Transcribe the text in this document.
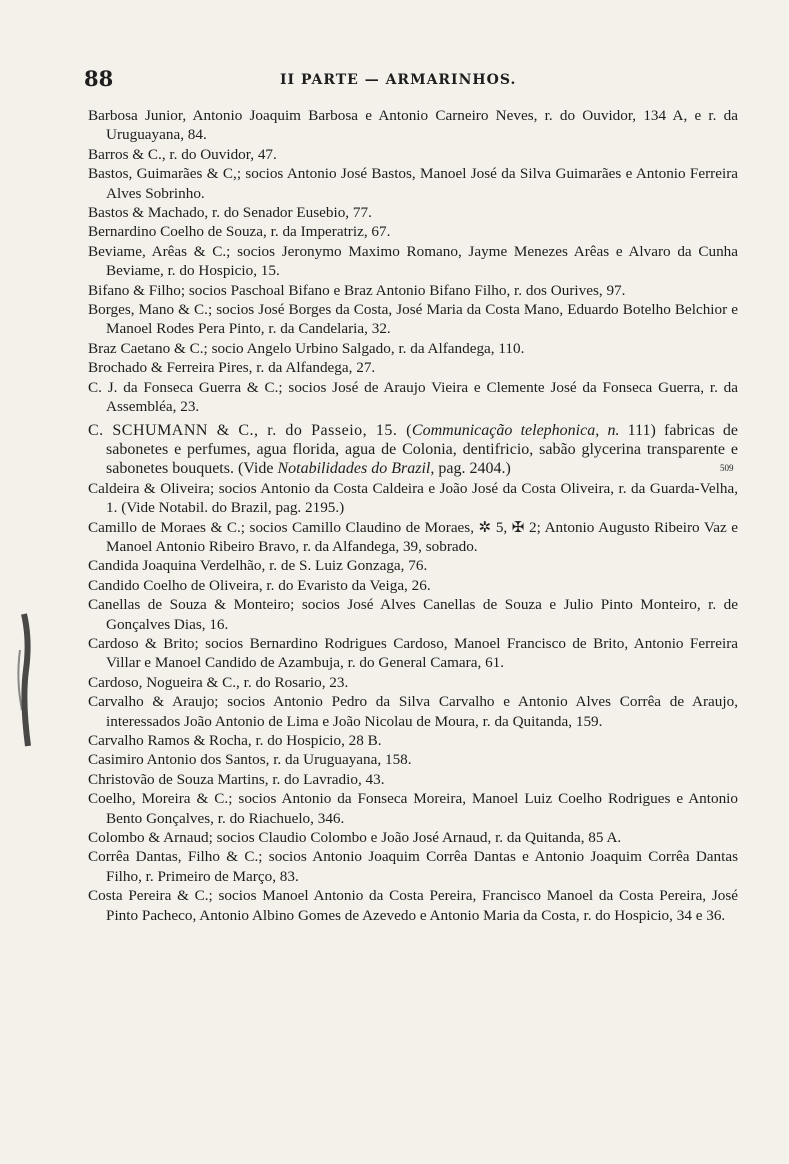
88	II PARTE — ARMARINHOS.

Barbosa Junior, Antonio Joaquim Barbosa e Antonio Carneiro Neves, r. do Ouvidor, 134 A, e r. da Uruguayana, 84.

Barros & C., r. do Ouvidor, 47.

Bastos, Guimarães & C,; socios Antonio José Bastos, Manoel José da Silva Guimarães e Antonio Ferreira Alves Sobrinho.

Bastos & Machado, r. do Senador Eusebio, 77.

Bernardino Coelho de Souza, r. da Imperatriz, 67.

Beviame, Arêas & C.; socios Jeronymo Maximo Romano, Jayme Menezes Arêas e Alvaro da Cunha Beviame, r. do Hospicio, 15.

Bifano & Filho; socios Paschoal Bifano e Braz Antonio Bifano Filho, r. dos Ourives, 97.

Borges, Mano & C.; socios José Borges da Costa, José Maria da Costa Mano, Eduardo Botelho Belchior e Manoel Rodes Pera Pinto, r. da Candelaria, 32.

Braz Caetano & C.; socio Angelo Urbino Salgado, r. da Alfandega, 110.

Brochado & Ferreira Pires, r. da Alfandega, 27.

C. J. da Fonseca Guerra & C.; socios José de Araujo Vieira e Clemente José da Fonseca Guerra, r. da Assembléa, 23.

C. SCHUMANN & C., r. do Passeio, 15. (Communicação telephonica, n. 111) fabricas de sabonetes e perfumes, agua florida, agua de Colonia, dentifricio, sabão glycerina transparente e sabonetes bouquets. (Vide Notabilidades do Brazil, pag. 2404.)	509

Caldeira & Oliveira; socios Antonio da Costa Caldeira e João José da Costa Oliveira, r. da Guarda-Velha, 1. (Vide Notabil. do Brazil, pag. 2195.)

Camillo de Moraes & C.; socios Camillo Claudino de Moraes, ✲ 5, ✠ 2; Antonio Augusto Ribeiro Vaz e Manoel Antonio Ribeiro Bravo, r. da Alfandega, 39, sobrado.

Candida Joaquina Verdelhão, r. de S. Luiz Gonzaga, 76.

Candido Coelho de Oliveira, r. do Evaristo da Veiga, 26.

Canellas de Souza & Monteiro; socios José Alves Canellas de Souza e Julio Pinto Monteiro, r. de Gonçalves Dias, 16.

Cardoso & Brito; socios Bernardino Rodrigues Cardoso, Manoel Francisco de Brito, Antonio Ferreira Villar e Manoel Candido de Azambuja, r. do General Camara, 61.

Cardoso, Nogueira & C., r. do Rosario, 23.

Carvalho & Araujo; socios Antonio Pedro da Silva Carvalho e Antonio Alves Corrêa de Araujo, interessados João Antonio de Lima e João Nicolau de Moura, r. da Quitanda, 159.

Carvalho Ramos & Rocha, r. do Hospicio, 28 B.

Casimiro Antonio dos Santos, r. da Uruguayana, 158.

Christovão de Souza Martins, r. do Lavradio, 43.

Coelho, Moreira & C.; socios Antonio da Fonseca Moreira, Manoel Luiz Coelho Rodrigues e Antonio Bento Gonçalves, r. do Riachuelo, 346.

Colombo & Arnaud; socios Claudio Colombo e João José Arnaud, r. da Quitanda, 85 A.

Corrêa Dantas, Filho & C.; socios Antonio Joaquim Corrêa Dantas e Antonio Joaquim Corrêa Dantas Filho, r. Primeiro de Março, 83.

Costa Pereira & C.; socios Manoel Antonio da Costa Pereira, Francisco Manoel da Costa Pereira, José Pinto Pacheco, Antonio Albino Gomes de Azevedo e Antonio Maria da Costa, r. do Hospicio, 34 e 36.
